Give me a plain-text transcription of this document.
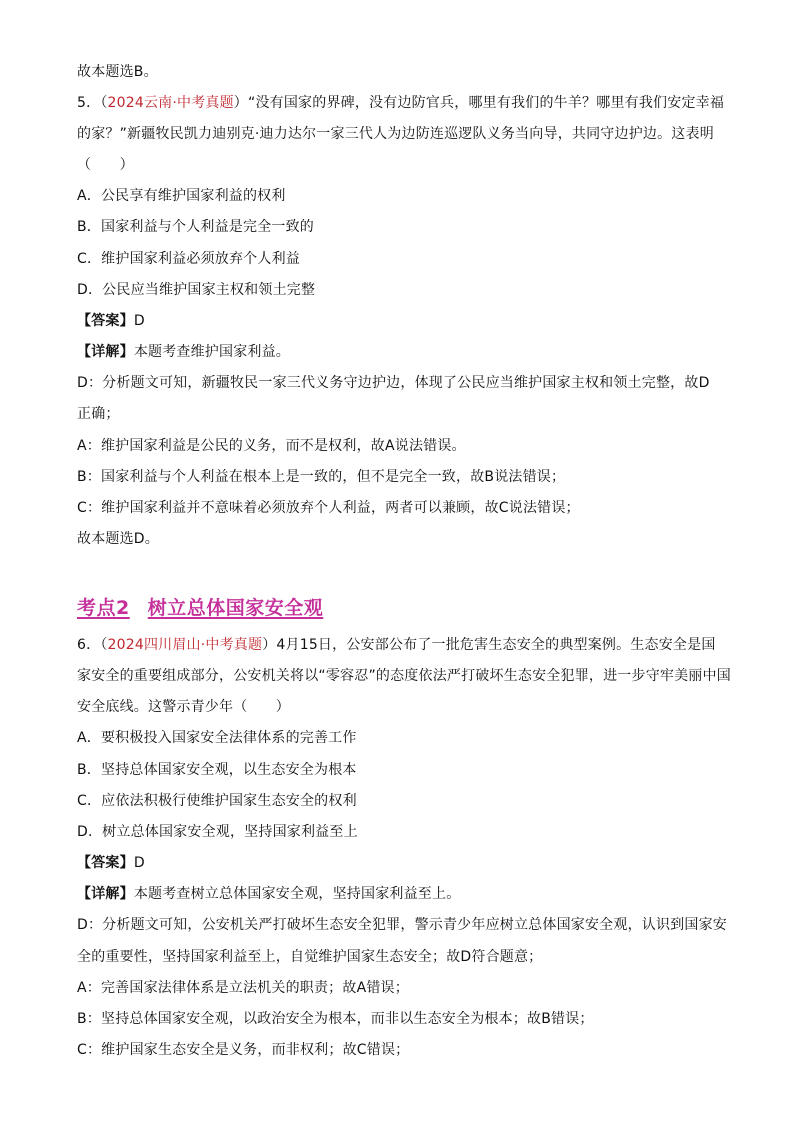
故本题选B。
5．（2024云南·中考真题）“没有国家的界碑，没有边防官兵，哪里有我们的牛羊？哪里有我们安定幸福
的家？”新疆牧民凯力迪别克·迪力达尔一家三代人为边防连巡逻队义务当向导，共同守边护边。这表明
（　　）
A．公民享有维护国家利益的权利
B．国家利益与个人利益是完全一致的
C．维护国家利益必须放弃个人利益
D．公民应当维护国家主权和领土完整
【答案】D
【详解】本题考查维护国家利益。
D：分析题文可知，新疆牧民一家三代义务守边护边，体现了公民应当维护国家主权和领土完整，故D
正确；
A：维护国家利益是公民的义务，而不是权利，故A说法错误。
B：国家利益与个人利益在根本上是一致的，但不是完全一致，故B说法错误；
C：维护国家利益并不意味着必须放弃个人利益，两者可以兼顾，故C说法错误；
故本题选D。
考点2 树立总体国家安全观
6．（2024四川眉山·中考真题）4月15日，公安部公布了一批危害生态安全的典型案例。生态安全是国
家安全的重要组成部分，公安机关将以“零容忍”的态度依法严打破坏生态安全犯罪，进一步守牢美丽中国
安全底线。这警示青少年（　　）
A．要积极投入国家安全法律体系的完善工作
B．坚持总体国家安全观，以生态安全为根本
C．应依法积极行使维护国家生态安全的权利
D．树立总体国家安全观，坚持国家利益至上
【答案】D
【详解】本题考查树立总体国家安全观，坚持国家利益至上。
D：分析题文可知，公安机关严打破坏生态安全犯罪，警示青少年应树立总体国家安全观，认识到国家安
全的重要性，坚持国家利益至上，自觉维护国家生态安全；故D符合题意；
A：完善国家法律体系是立法机关的职责；故A错误；
B：坚持总体国家安全观，以政治安全为根本，而非以生态安全为根本；故B错误；
C：维护国家生态安全是义务，而非权利；故C错误；
